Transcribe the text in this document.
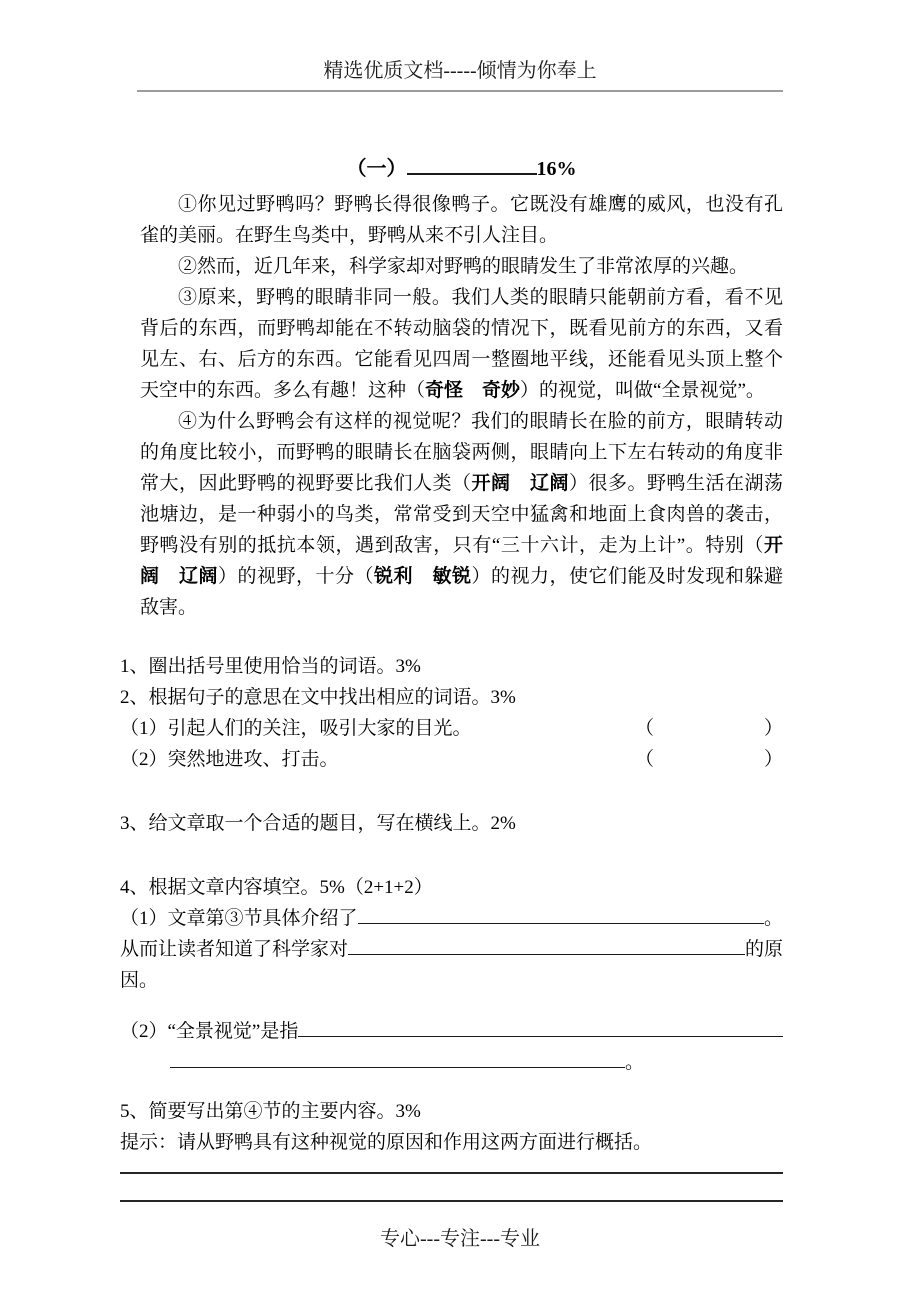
精选优质文档-----倾情为你奉上
（一）	16%

①你见过野鸭吗？野鸭长得很像鸭子。它既没有雄鹰的威风，也没有孔雀的美丽。在野生鸟类中，野鸭从来不引人注目。

②然而，近几年来，科学家却对野鸭的眼睛发生了非常浓厚的兴趣。

③原来，野鸭的眼睛非同一般。我们人类的眼睛只能朝前方看，看不见背后的东西，而野鸭却能在不转动脑袋的情况下，既看见前方的东西，又看见左、右、后方的东西。它能看见四周一整圈地平线，还能看见头顶上整个天空中的东西。多么有趣！这种（奇怪　奇妙）的视觉，叫做“全景视觉”。

④为什么野鸭会有这样的视觉呢？我们的眼睛长在脸的前方，眼睛转动的角度比较小，而野鸭的眼睛长在脑袋两侧，眼睛向上下左右转动的角度非常大，因此野鸭的视野要比我们人类（开阔　辽阔）很多。野鸭生活在湖荡池塘边，是一种弱小的鸟类，常常受到天空中猛禽和地面上食肉兽的袭击，野鸭没有别的抵抗本领，遇到敌害，只有“三十六计，走为上计”。特别（开阔　辽阔）的视野，十分（锐利　敏锐）的视力，使它们能及时发现和躲避敌害。

1、圈出括号里使用恰当的词语。3%
2、根据句子的意思在文中找出相应的词语。3%
（1）引起人们的关注，吸引大家的目光。	（	）
（2）突然地进攻、打击。	（	）
3、给文章取一个合适的题目，写在横线上。2%
4、根据文章内容填空。5%（2+1+2）
（1）文章第③节具体介绍了	。
从而让读者知道了科学家对	的原
因。
（2）“全景视觉”是指
。
5、简要写出第④节的主要内容。3%
提示：请从野鸭具有这种视觉的原因和作用这两方面进行概括。
专心---专注---专业
